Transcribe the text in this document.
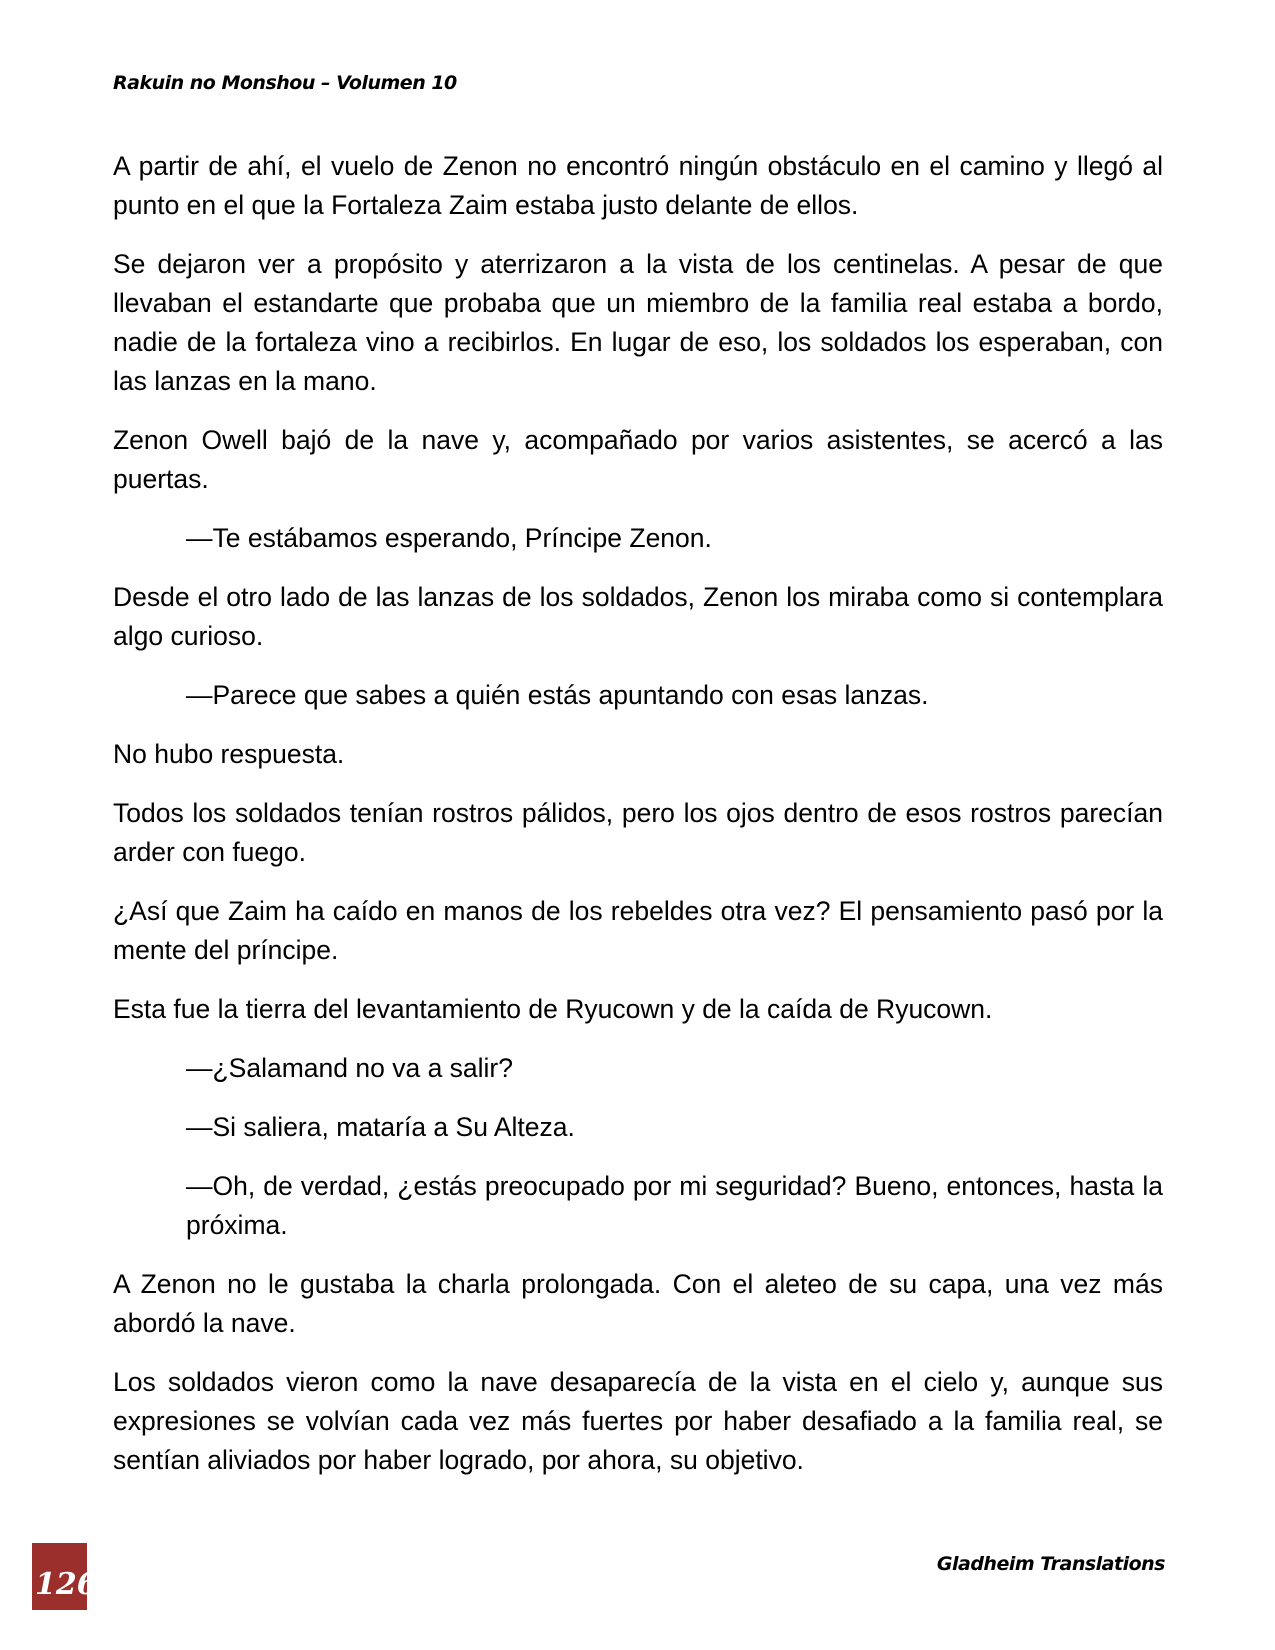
Rakuin no Monshou – Volumen 10

A partir de ahí, el vuelo de Zenon no encontró ningún obstáculo en el camino y llegó al punto en el que la Fortaleza Zaim estaba justo delante de ellos.

Se dejaron ver a propósito y aterrizaron a la vista de los centinelas. A pesar de que llevaban el estandarte que probaba que un miembro de la familia real estaba a bordo, nadie de la fortaleza vino a recibirlos. En lugar de eso, los soldados los esperaban, con las lanzas en la mano.

Zenon Owell bajó de la nave y, acompañado por varios asistentes, se acercó a las puertas.

—Te estábamos esperando, Príncipe Zenon.

Desde el otro lado de las lanzas de los soldados, Zenon los miraba como si contemplara algo curioso.

—Parece que sabes a quién estás apuntando con esas lanzas.

No hubo respuesta.

Todos los soldados tenían rostros pálidos, pero los ojos dentro de esos rostros parecían arder con fuego.

¿Así que Zaim ha caído en manos de los rebeldes otra vez? El pensamiento pasó por la mente del príncipe.

Esta fue la tierra del levantamiento de Ryucown y de la caída de Ryucown.

—¿Salamand no va a salir?

—Si saliera, mataría a Su Alteza.

—Oh, de verdad, ¿estás preocupado por mi seguridad? Bueno, entonces, hasta la próxima.

A Zenon no le gustaba la charla prolongada. Con el aleteo de su capa, una vez más abordó la nave.

Los soldados vieron como la nave desaparecía de la vista en el cielo y, aunque sus expresiones se volvían cada vez más fuertes por haber desafiado a la familia real, se sentían aliviados por haber logrado, por ahora, su objetivo.

126
Gladheim Translations
